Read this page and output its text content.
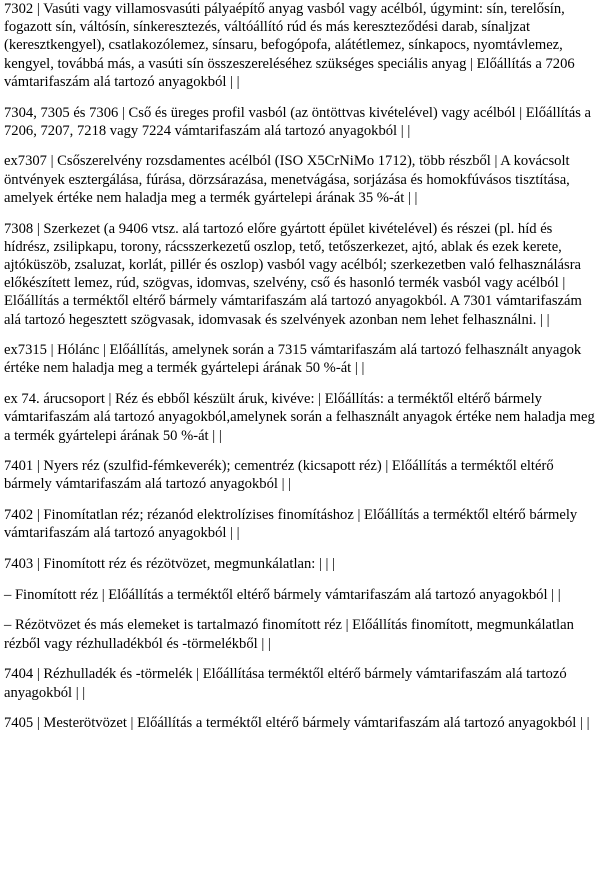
7302 | Vasúti vagy villamosvasúti pályaépítő anyag vasból vagy acélból, úgymint: sín, terelősín, fogazott sín, váltósín, sínkeresztezés, váltóállító rúd és más kereszteződési darab, sínaljzat (keresztkengyel), csatlakozólemez, sínsaru, befogópofa, alátétlemez, sínkapocs, nyomtávlemez, kengyel, továbbá más, a vasúti sín összeszereléséhez szükséges speciális anyag | Előállítás a 7206 vámtarifaszám alá tartozó anyagokból | |

7304, 7305 és 7306 | Cső és üreges profil vasból (az öntöttvas kivételével) vagy acélból | Előállítás a 7206, 7207, 7218 vagy 7224 vámtarifaszám alá tartozó anyagokból | |

ex7307 | Csőszerelvény rozsdamentes acélból (ISO X5CrNiMo 1712), több részből | A kovácsolt öntvények esztergálása, fúrása, dörzsárazása, menetvágása, sorjázása és homokfúvásos tisztítása, amelyek értéke nem haladja meg a termék gyártelepi árának 35 %-át | |

7308 | Szerkezet (a 9406 vtsz. alá tartozó előre gyártott épület kivételével) és részei (pl. híd és hídrész, zsilipkapu, torony, rácsszerkezetű oszlop, tető, tetőszerkezet, ajtó, ablak és ezek kerete, ajtóküszöb, zsaluzat, korlát, pillér és oszlop) vasból vagy acélból; szerkezetben való felhasználásra előkészített lemez, rúd, szögvas, idomvas, szelvény, cső és hasonló termék vasból vagy acélból | Előállítás a terméktől eltérő bármely vámtarifaszám alá tartozó anyagokból. A 7301 vámtarifaszám alá tartozó hegesztett szögvasak, idomvasak és szelvények azonban nem lehet felhasználni. | |

ex7315 | Hólánc | Előállítás, amelynek során a 7315 vámtarifaszám alá tartozó felhasznált anyagok értéke nem haladja meg a termék gyártelepi árának 50 %-át | |

ex 74. árucsoport | Réz és ebből készült áruk, kivéve: | Előállítás: a terméktől eltérő bármely vámtarifaszám alá tartozó anyagokból,amelynek során a felhasznált anyagok értéke nem haladja meg a termék gyártelepi árának 50 %-át | |

7401 | Nyers réz (szulfid-fémkeverék); cementréz (kicsapott réz) | Előállítás a terméktől eltérő bármely vámtarifaszám alá tartozó anyagokból | |

7402 | Finomítatlan réz; rézanód elektrolízises finomításhoz | Előállítás a terméktől eltérő bármely vámtarifaszám alá tartozó anyagokból | |

7403 | Finomított réz és rézötvözet, megmunkálatlan: | | |

– Finomított réz | Előállítás a terméktől eltérő bármely vámtarifaszám alá tartozó anyagokból | |

– Rézötvözet és más elemeket is tartalmazó finomított réz | Előállítás finomított, megmunkálatlan rézből vagy rézhulladékból és -törmelékből | |

7404 | Rézhulladék és -törmelék | Előállítása terméktől eltérő bármely vámtarifaszám alá tartozó anyagokból | |

7405 | Mesterötvözet | Előállítás a terméktől eltérő bármely vámtarifaszám alá tartozó anyagokból | |
